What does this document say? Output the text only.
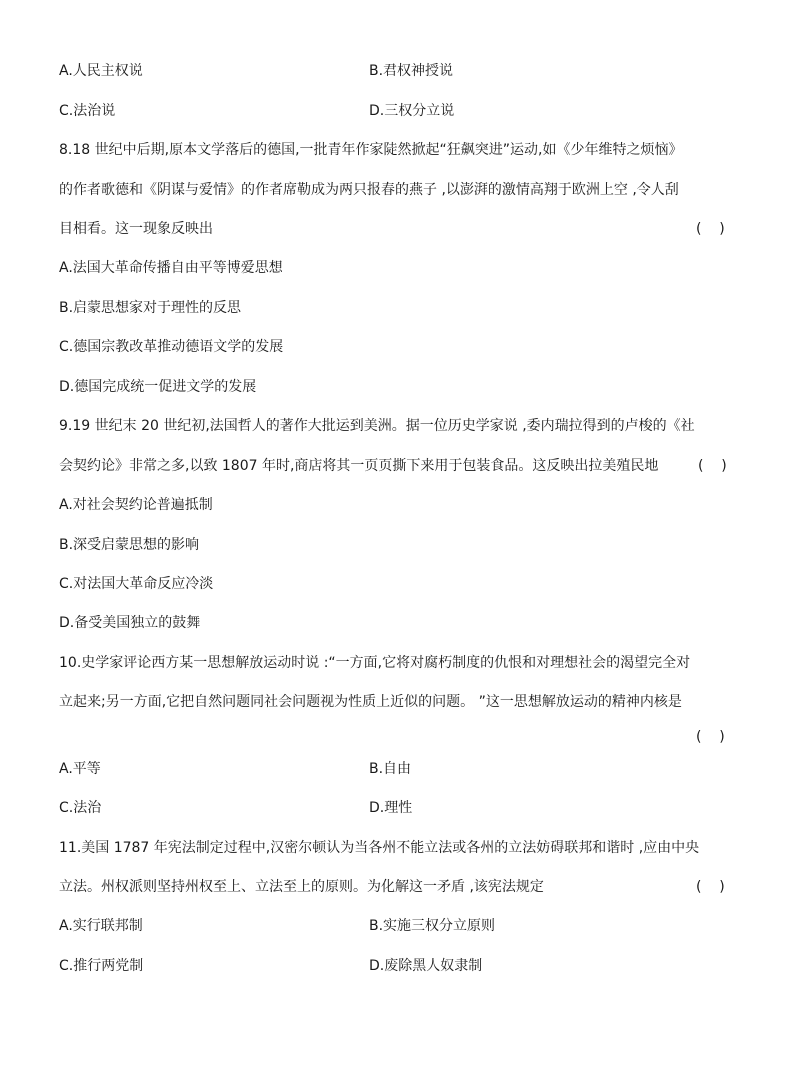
A.人民主权说	B.君权神授说
C.法治说	D.三权分立说
8.18 世纪中后期,原本文学落后的德国,一批青年作家陡然掀起“狂飙突进”运动,如《少年维特之烦恼》
的作者歌德和《阴谋与爱情》的作者席勒成为两只报春的燕子 ,以澎湃的激情高翔于欧洲上空 ,令人刮
目相看。这一现象反映出	(    )
A.法国大革命传播自由平等博爱思想
B.启蒙思想家对于理性的反思
C.德国宗教改革推动德语文学的发展
D.德国完成统一促进文学的发展
9.19 世纪末 20 世纪初,法国哲人的著作大批运到美洲。据一位历史学家说 ,委内瑞拉得到的卢梭的《社
会契约论》非常之多,以致 1807 年时,商店将其一页页撕下来用于包装食品。这反映出拉美殖民地	(    )
A.对社会契约论普遍抵制
B.深受启蒙思想的影响
C.对法国大革命反应冷淡
D.备受美国独立的鼓舞
10.史学家评论西方某一思想解放运动时说 :“一方面,它将对腐朽制度的仇恨和对理想社会的渴望完全对
立起来;另一方面,它把自然问题同社会问题视为性质上近似的问题。 ”这一思想解放运动的精神内核是
(    )
A.平等	B.自由
C.法治	D.理性
11.美国 1787 年宪法制定过程中,汉密尔顿认为当各州不能立法或各州的立法妨碍联邦和谐时 ,应由中央
立法。州权派则坚持州权至上、立法至上的原则。为化解这一矛盾 ,该宪法规定	(    )
A.实行联邦制	B.实施三权分立原则
C.推行两党制	D.废除黑人奴隶制
